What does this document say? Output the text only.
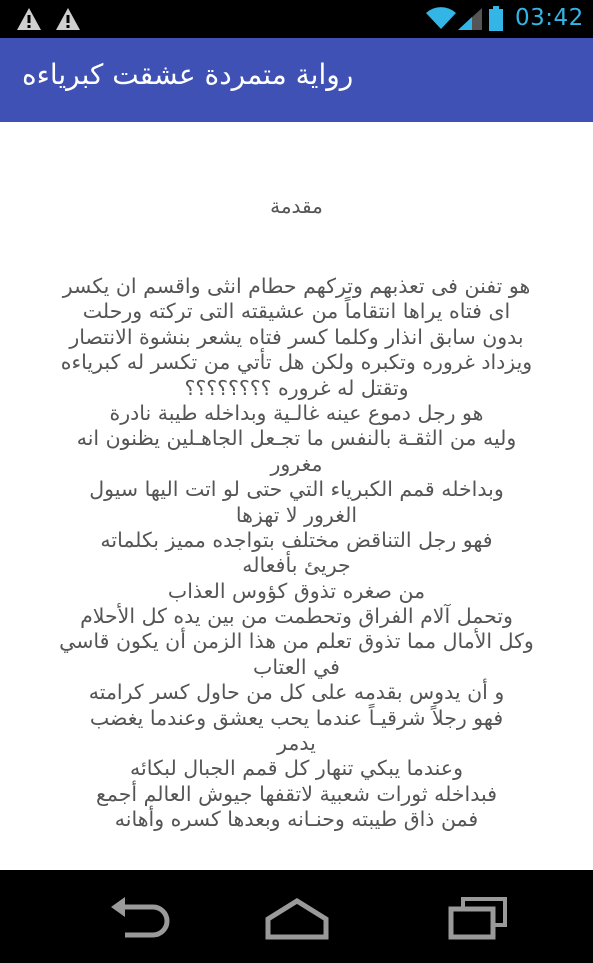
03:42
رواية متمردة عشقت كبرياءه
مقدمة
هو تفنن فى تعذبهم وتركهم حطام انثى واقسم ان يكسر
اى فتاه يراها انتقاماً من عشيقته التى تركته ورحلت
بدون سابق انذار وكلما كسر فتاه يشعر بنشوة الانتصار
ويزداد غروره وتكبره ولكن هل تأتي من تكسر له كبرياءه
وتقتل له غروره ؟؟؟؟؟؟؟؟
هو رجل دموع عينه غالـية وبداخله طيبة نادرة
وليه من الثقـة بالنفس ما تجـعل الجاهـلين يظنون انه
مغرور
وبداخله قمم الكبرياء التي حتى لو اتت اليها سيول
الغرور لا تهزها
فهو رجل التناقض مختلف بتواجده مميز بكلماته
جريئ بأفعاله
من صغره تذوق كؤوس العذاب
وتحمل آلام الفراق وتحطمت من بين يده كل الأحلام
وكل الأمال مما تذوق تعلم من هذا الزمن أن يكون قاسي
في العتاب
و أن يدوس بقدمه على كل من حاول كسر كرامته
فهو رجلاً شرقيـاً عندما يحب يعشق وعندما يغضب
يدمر
وعندما يبكي تنهار كل قمم الجبال لبكائه
فبداخله ثورات شعبية لاتقفها جيوش العالم أجمع
فمن ذاق طيبته وحنـانه وبعدها كسره وأهانه
